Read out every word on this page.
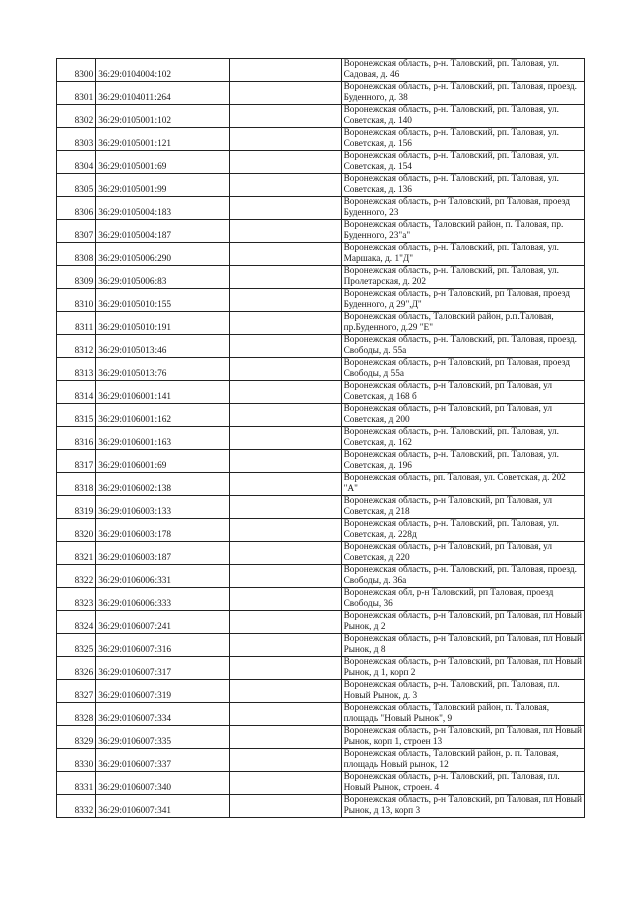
8300	36:29:0104004:102		Воронежская область, р-н. Таловский, рп. Таловая, ул. Садовая, д. 46
8301	36:29:0104011:264		Воронежская область, р-н. Таловский, рп. Таловая, проезд. Буденного, д. 38
8302	36:29:0105001:102		Воронежская область, р-н. Таловский, рп. Таловая, ул. Советская, д. 140
8303	36:29:0105001:121		Воронежская область, р-н. Таловский, рп. Таловая, ул. Советская, д. 156
8304	36:29:0105001:69		Воронежская область, р-н. Таловский, рп. Таловая, ул. Советская, д. 154
8305	36:29:0105001:99		Воронежская область, р-н. Таловский, рп. Таловая, ул. Советская, д. 136
8306	36:29:0105004:183		Воронежская область, р-н Таловский, рп Таловая, проезд Буденного, 23
8307	36:29:0105004:187		Воронежская область, Таловский район, п. Таловая, пр. Буденного, 23"а"
8308	36:29:0105006:290		Воронежская область, р-н. Таловский, рп. Таловая, ул. Маршака, д. 1"Д"
8309	36:29:0105006:83		Воронежская область, р-н. Таловский, рп. Таловая, ул. Пролетарская, д. 202
8310	36:29:0105010:155		Воронежская область, р-н Таловский, рп Таловая, проезд Буденного, д 29",Д"
8311	36:29:0105010:191		Воронежская область, Таловский район, р.п.Таловая, пр.Буденного, д.29 "Е"
8312	36:29:0105013:46		Воронежская область, р-н. Таловский, рп. Таловая, проезд. Свободы, д. 55а
8313	36:29:0105013:76		Воронежская область, р-н Таловский, рп Таловая, проезд Свободы, д 55а
8314	36:29:0106001:141		Воронежская область, р-н Таловский, рп Таловая, ул Советская, д 168 б
8315	36:29:0106001:162		Воронежская область, р-н Таловский, рп Таловая, ул Советская, д 200
8316	36:29:0106001:163		Воронежская область, р-н. Таловский, рп. Таловая, ул. Советская, д. 162
8317	36:29:0106001:69		Воронежская область, р-н. Таловский, рп. Таловая, ул. Советская, д. 196
8318	36:29:0106002:138		Воронежская область, рп. Таловая, ул. Советская, д. 202 "А"
8319	36:29:0106003:133		Воронежская область, р-н Таловский, рп Таловая, ул Советская, д 218
8320	36:29:0106003:178		Воронежская область, р-н. Таловский, рп. Таловая, ул. Советская, д. 228д
8321	36:29:0106003:187		Воронежская область, р-н Таловский, рп Таловая, ул Советская, д 220
8322	36:29:0106006:331		Воронежская область, р-н. Таловский, рп. Таловая, проезд. Свободы, д. 36а
8323	36:29:0106006:333		Воронежская обл, р-н Таловский, рп Таловая, проезд Свободы, 36
8324	36:29:0106007:241		Воронежская область, р-н Таловский, рп Таловая, пл Новый Рынок, д 2
8325	36:29:0106007:316		Воронежская область, р-н Таловский, рп Таловая, пл Новый Рынок, д 8
8326	36:29:0106007:317		Воронежская область, р-н Таловский, рп Таловая, пл Новый Рынок, д 1, корп 2
8327	36:29:0106007:319		Воронежская область, р-н. Таловский, рп. Таловая, пл. Новый Рынок, д. 3
8328	36:29:0106007:334		Воронежская область, Таловский район, п. Таловая, площадь "Новый Рынок", 9
8329	36:29:0106007:335		Воронежская область, р-н Таловский, рп Таловая, пл Новый Рынок, корп 1, строен 13
8330	36:29:0106007:337		Воронежская область, Таловский район, р. п. Таловая, площадь Новый рынок, 12
8331	36:29:0106007:340		Воронежская область, р-н. Таловский, рп. Таловая, пл. Новый Рынок, строен. 4
8332	36:29:0106007:341		Воронежская область, р-н Таловский, рп Таловая, пл Новый Рынок, д 13, корп 3
